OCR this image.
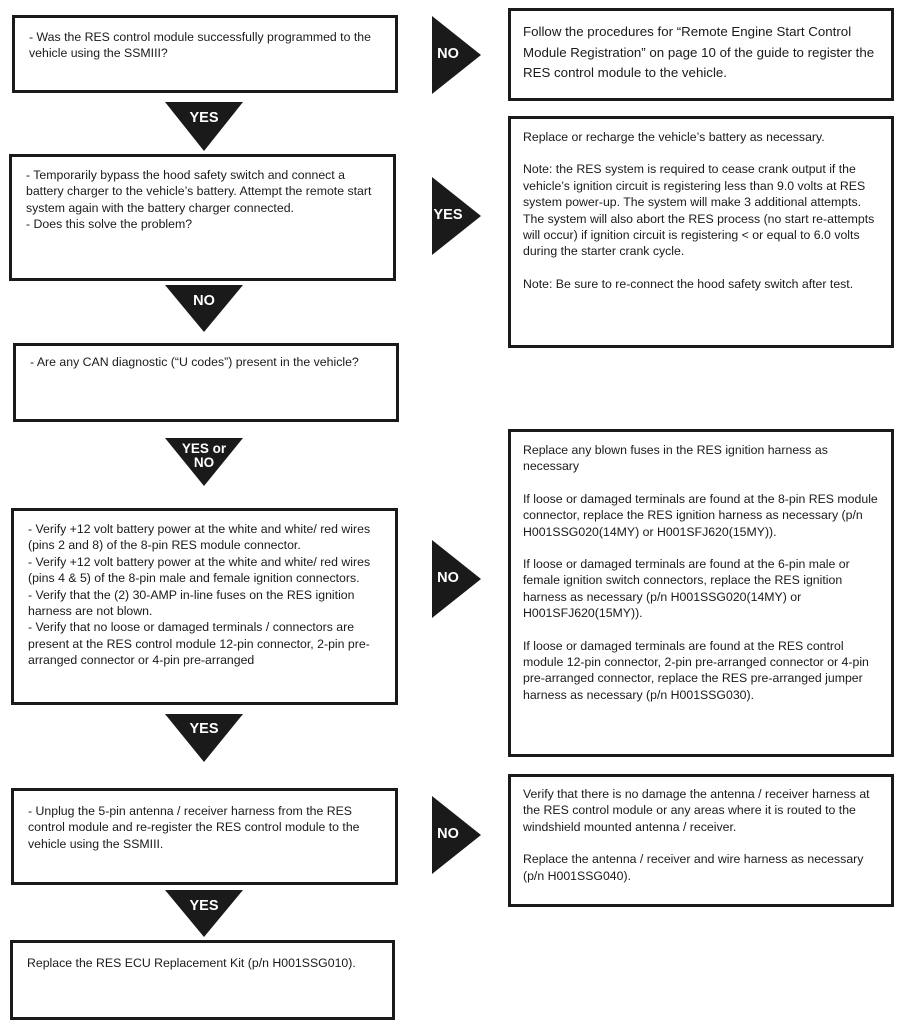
- Was the RES control module successfully programmed to the vehicle using the SSMIII?
- Temporarily bypass the hood safety switch and connect a battery charger to the vehicle’s battery. Attempt the remote start system again with the battery charger connected.
- Does this solve the problem?
- Are any CAN diagnostic (“U codes”) present in the vehicle?
- Verify +12 volt battery power at the white and white/ red wires (pins 2 and 8) of the 8-pin RES module connector.
- Verify +12 volt battery power at the white and white/ red wires (pins 4 & 5) of the 8-pin male and female ignition connectors.
- Verify that the (2) 30-AMP in-line fuses on the RES ignition harness are not blown.
- Verify that no loose or damaged terminals / connectors are present at the RES control module 12-pin connector, 2-pin pre-arranged connector or 4-pin pre-arranged
- Unplug the 5-pin antenna / receiver harness from the RES control module and re-register the RES control module to the vehicle using the SSMIII.
Replace the RES ECU Replacement Kit (p/n H001SSG010).
Follow the procedures for “Remote Engine Start Control Module Registration” on page 10 of the guide to register the RES control module to the vehicle.

Replace or recharge the vehicle’s battery as necessary.

Note: the RES system is required to cease crank output if the vehicle’s ignition circuit is registering less than 9.0 volts at RES system power-up. The system will make 3 additional attempts. The system will also abort the RES process (no start re-attempts will occur) if ignition circuit is registering < or equal to 6.0 volts during the starter crank cycle.

Note: Be sure to re-connect the hood safety switch after test.

Replace any blown fuses in the RES ignition harness as necessary

If loose or damaged terminals are found at the 8-pin RES module connector, replace the RES ignition harness as necessary (p/n H001SSG020(14MY) or H001SFJ620(15MY)).

If loose or damaged terminals are found at the 6-pin male or female ignition switch connectors, replace the RES ignition harness as necessary (p/n H001SSG020(14MY) or H001SFJ620(15MY)).

If loose or damaged terminals are found at the RES control module 12-pin connector, 2-pin pre-arranged connector or 4-pin pre-arranged connector, replace the RES pre-arranged jumper harness as necessary (p/n H001SSG030).

Verify that there is no damage the antenna / receiver harness at the RES control module or any areas where it is routed to the windshield mounted antenna / receiver.

Replace the antenna / receiver and wire harness as necessary (p/n H001SSG040).

YES
NO
YES or
NO
YES
YES
NO
YES
NO
NO
